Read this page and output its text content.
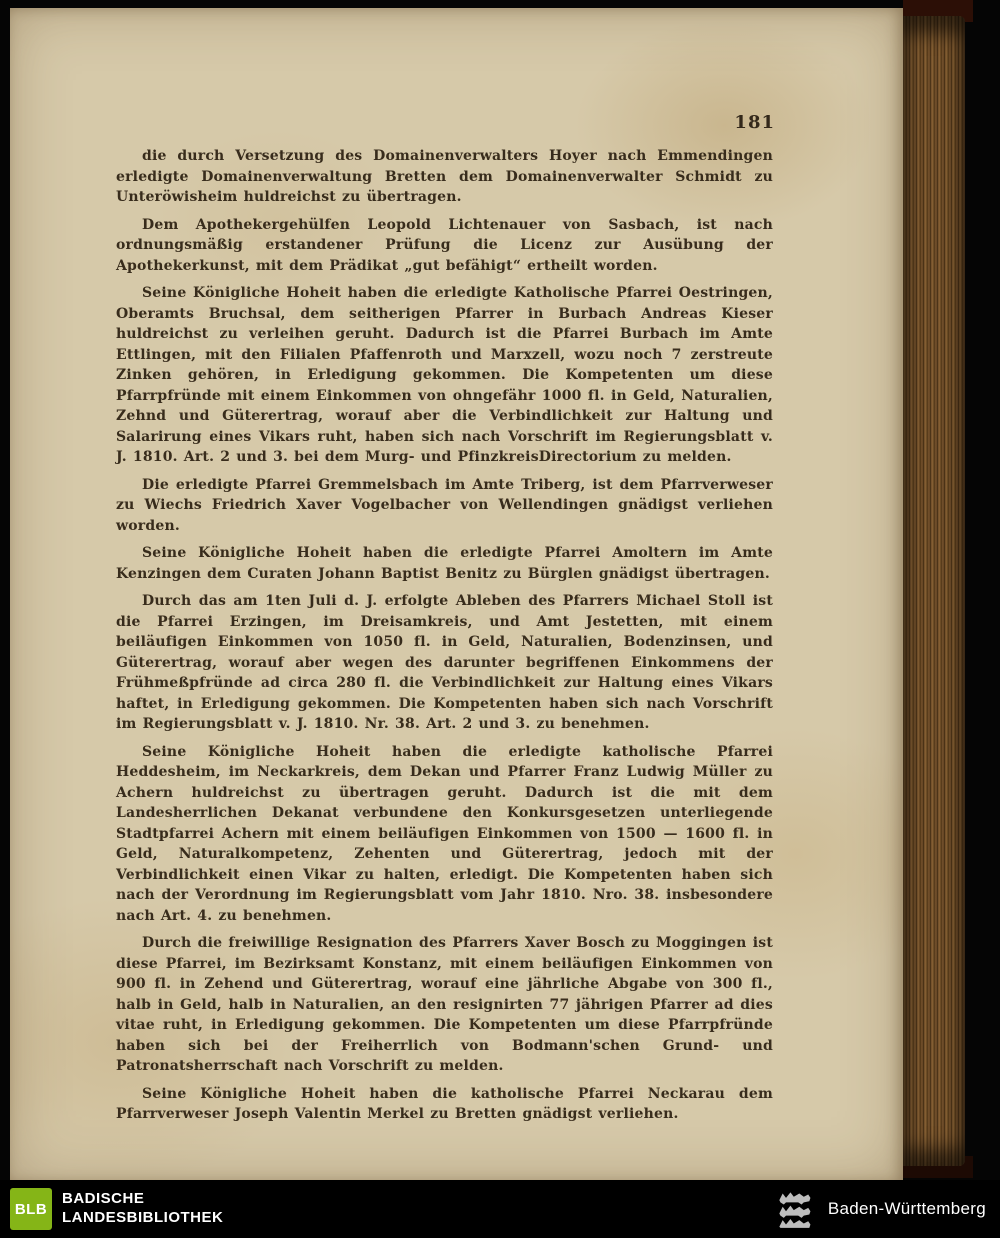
181

die durch Versetzung des Domainenverwalters Hoyer nach Emmendingen erledigte Domainenverwaltung Bretten dem Domainenverwalter Schmidt zu Unteröwisheim huldreichst zu übertragen.

Dem Apothekergehülfen Leopold Lichtenauer von Sasbach, ist nach ordnungsmäßig erstandener Prüfung die Licenz zur Ausübung der Apothekerkunst, mit dem Prädikat „gut befähigt“ ertheilt worden.

Seine Königliche Hoheit haben die erledigte Katholische Pfarrei Oestringen, Oberamts Bruchsal, dem seitherigen Pfarrer in Burbach Andreas Kieser huldreichst zu verleihen geruht. Dadurch ist die Pfarrei Burbach im Amte Ettlingen, mit den Filialen Pfaffenroth und Marxzell, wozu noch 7 zerstreute Zinken gehören, in Erledigung gekommen. Die Kompetenten um diese Pfarrpfründe mit einem Einkommen von ohngefähr 1000 fl. in Geld, Naturalien, Zehnd und Güterertrag, worauf aber die Verbindlichkeit zur Haltung und Salarirung eines Vikars ruht, haben sich nach Vorschrift im Regierungsblatt v. J. 1810. Art. 2 und 3. bei dem Murg- und PfinzkreisDirectorium zu melden.

Die erledigte Pfarrei Gremmelsbach im Amte Triberg, ist dem Pfarrverweser zu Wiechs Friedrich Xaver Vogelbacher von Wellendingen gnädigst verliehen worden.

Seine Königliche Hoheit haben die erledigte Pfarrei Amoltern im Amte Kenzingen dem Curaten Johann Baptist Benitz zu Bürglen gnädigst übertragen.

Durch das am 1ten Juli d. J. erfolgte Ableben des Pfarrers Michael Stoll ist die Pfarrei Erzingen, im Dreisamkreis, und Amt Jestetten, mit einem beiläufigen Einkommen von 1050 fl. in Geld, Naturalien, Bodenzinsen, und Güterertrag, worauf aber wegen des darunter begriffenen Einkommens der Frühmeßpfründe ad circa 280 fl. die Verbindlichkeit zur Haltung eines Vikars haftet, in Erledigung gekommen. Die Kompetenten haben sich nach Vorschrift im Regierungsblatt v. J. 1810. Nr. 38. Art. 2 und 3. zu benehmen.

Seine Königliche Hoheit haben die erledigte katholische Pfarrei Heddesheim, im Neckarkreis, dem Dekan und Pfarrer Franz Ludwig Müller zu Achern huldreichst zu übertragen geruht. Dadurch ist die mit dem Landesherrlichen Dekanat verbundene den Konkursgesetzen unterliegende Stadtpfarrei Achern mit einem beiläufigen Einkommen von 1500 — 1600 fl. in Geld, Naturalkompetenz, Zehenten und Güterertrag, jedoch mit der Verbindlichkeit einen Vikar zu halten, erledigt. Die Kompetenten haben sich nach der Verordnung im Regierungsblatt vom Jahr 1810. Nro. 38. insbesondere nach Art. 4. zu benehmen.

Durch die freiwillige Resignation des Pfarrers Xaver Bosch zu Moggingen ist diese Pfarrei, im Bezirksamt Konstanz, mit einem beiläufigen Einkommen von 900 fl. in Zehend und Güterertrag, worauf eine jährliche Abgabe von 300 fl., halb in Geld, halb in Naturalien, an den resignirten 77 jährigen Pfarrer ad dies vitae ruht, in Erledigung gekommen. Die Kompetenten um diese Pfarrpfründe haben sich bei der Freiherrlich von Bodmann'schen Grund- und Patronatsherrschaft nach Vorschrift zu melden.

Seine Königliche Hoheit haben die katholische Pfarrei Neckarau dem Pfarrverweser Joseph Valentin Merkel zu Bretten gnädigst verliehen.

BLB
BADISCHE
LANDESBIBLIOTHEK	Baden-Württemberg
